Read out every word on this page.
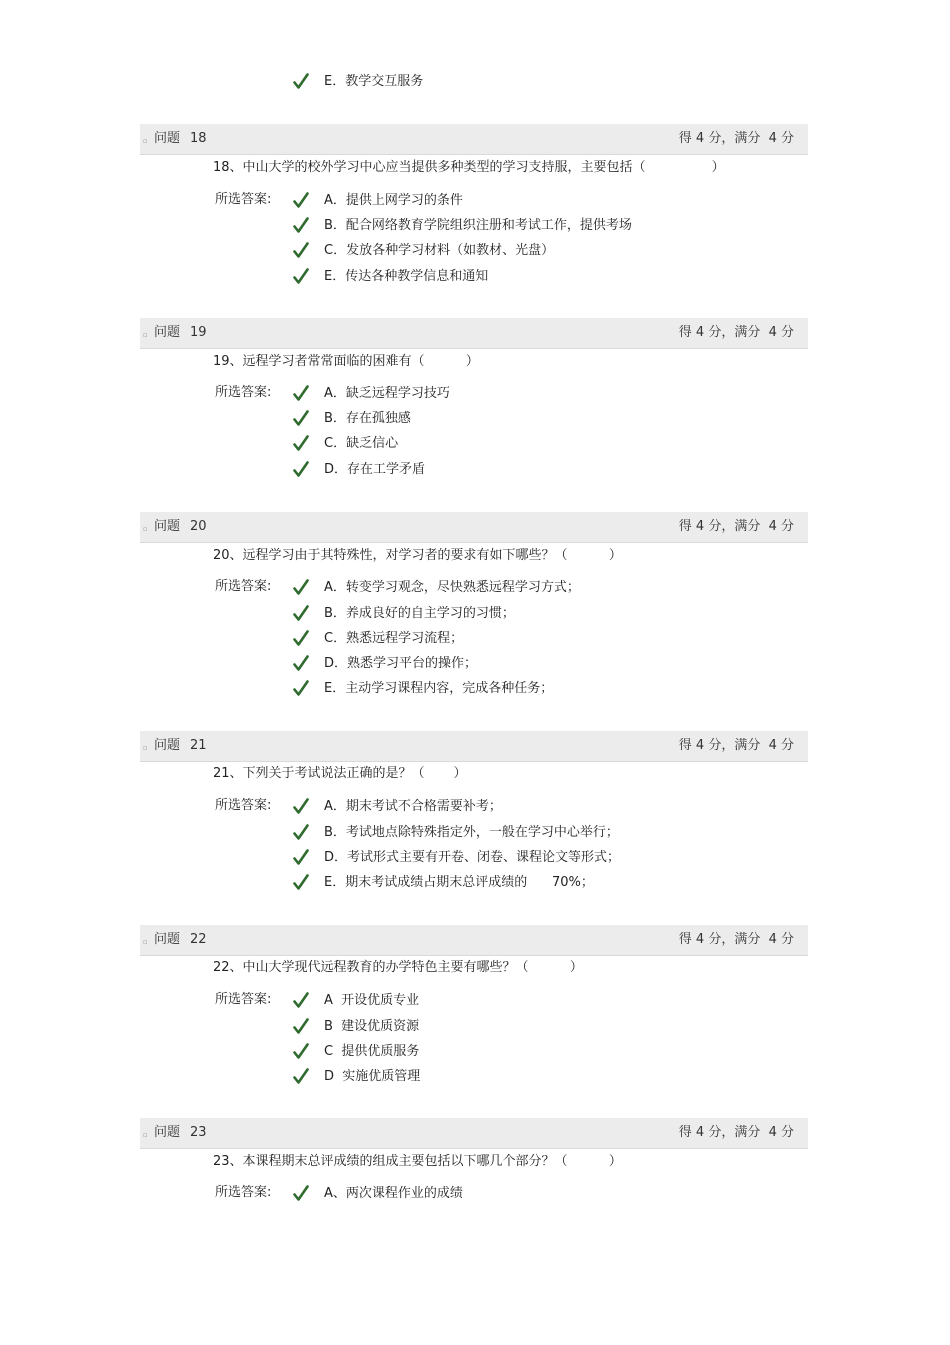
E．教学交互服务
▫ 问题 18	得 4 分，满分  4 分
18、中山大学的校外学习中心应当提供多种类型的学习支持服，主要包括（                ）
所选答案:	A．提供上网学习的条件
B．配合网络教育学院组织注册和考试工作，提供考场
C．发放各种学习材料（如教材、光盘）
E．传达各种教学信息和通知
▫ 问题 19	得 4 分，满分  4 分
19、远程学习者常常面临的困难有（          ）
所选答案:	A．缺乏远程学习技巧
B．存在孤独感
C．缺乏信心
D．存在工学矛盾
▫ 问题 20	得 4 分，满分  4 分
20、远程学习由于其特殊性，对学习者的要求有如下哪些？（          ）
所选答案:	A．转变学习观念，尽快熟悉远程学习方式；
B．养成良好的自主学习的习惯；
C．熟悉远程学习流程；
D．熟悉学习平台的操作；
E．主动学习课程内容，完成各种任务；
▫ 问题 21	得 4 分，满分  4 分
21、下列关于考试说法正确的是？（       ）
所选答案:	A．期末考试不合格需要补考；
B．考试地点除特殊指定外，一般在学习中心举行；
D．考试形式主要有开卷、闭卷、课程论文等形式；
E．期末考试成绩占期末总评成绩的      70%；
▫ 问题 22	得 4 分，满分  4 分
22、中山大学现代远程教育的办学特色主要有哪些？（          ）
所选答案:	A  开设优质专业
B  建设优质资源
C  提供优质服务
D  实施优质管理
▫ 问题 23	得 4 分，满分  4 分
23、本课程期末总评成绩的组成主要包括以下哪几个部分？（          ）
所选答案:	A、两次课程作业的成绩
